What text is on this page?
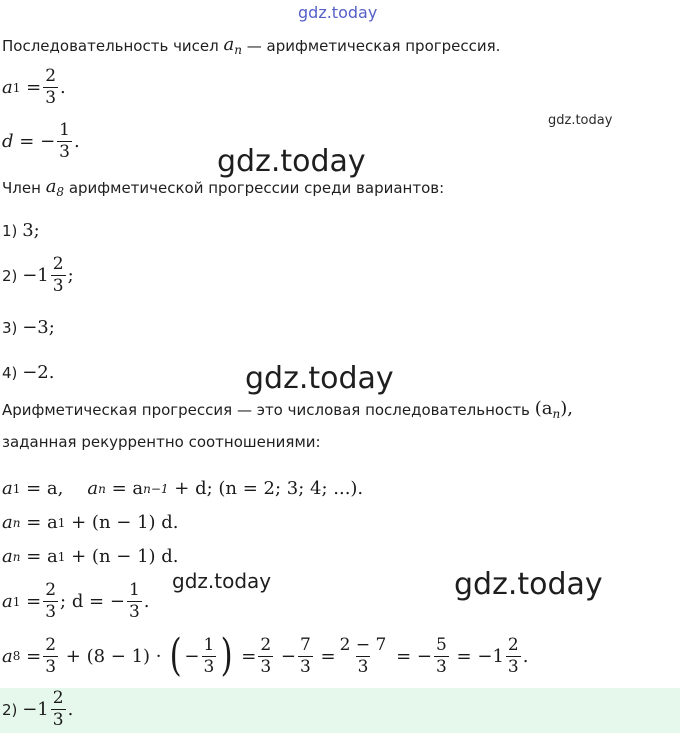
gdz.today
gdz.today
gdz.today
gdz.today
gdz.today	gdz.today
Последовательность чисел
$a_n$
— арифметическая прогрессия.
a 1
= $\frac{2}{3}$ .
d
= − $\frac{1}{3}$ .
Член
$a_8$
арифметической прогрессии среди вариантов:
1)
3;
2)
$-1 \frac{2}{3}$ ;
3)
−3;
4)
−2.
Арифметическая прогрессия — это числовая последовательность
$(a_n)$,
заданная рекуррентно соотношениями:
a 1
= a, a n
= a n−1
+ d; (n = 2; 3; 4; ...).
a n
= a 1
+ (n − 1) d.
a n
= a 1
+ (n − 1) d.
a 1
= $\frac{2}{3}$ ; d = − $\frac{1}{3}$ .
a 8
= $\frac{2}{3}$
+ (8 − 1) ·
( − $\frac{1}{3}$ )
= $\frac{2}{3}$
− $\frac{7}{3}$
= $\frac{2 - 7}{3}$
=
− $\frac{5}{3}$
=
$-1 \frac{2}{3}$ .
2)
$-1 \frac{2}{3}$ .
